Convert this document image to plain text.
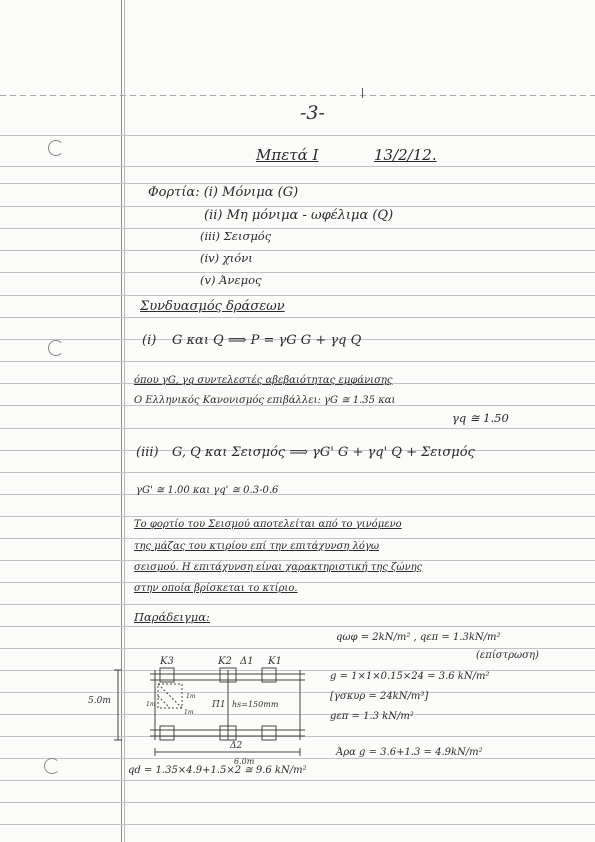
-3-
Μπετά Ι	13/2/12.
Φορτία: (i) Μόνιμα (G)
(ii) Μη μόνιμα - ωφέλιμα (Q)
(iii) Σεισμός
(iv) χιόνι
(v) Άνεμος
Συνδυασμός δράσεων
(i) G και Q ⟹ P = γG G + γq Q
όπου γG, γq συντελεστές αβεβαιότητας εμφάνισης
Ο Ελληνικός Κανονισμός επιβάλλει: γG ≅ 1.35 και
γq ≅ 1.50
(iii) G, Q και Σεισμός ⟹ γG' G + γq' Q + Σεισμός
γG' ≅ 1.00 και γq' ≅ 0.3-0.6
Το φορτίο του Σεισμού αποτελείται από το γινόμενο
της μάζας του κτιρίου επί την επιτάχυνση λόγω
σεισμού. Η επιτάχυνση είναι χαρακτηριστική της ζώνης
στην οποία βρίσκεται το κτίριο.
Παράδειγμα:
qωφ = 2kN/m² , qεπ = 1.3kN/m²
(επίστρωση)
g = 1×1×0.15×24 = 3.6 kN/m²
[γσκυρ = 24kN/m³]
gεπ = 1.3 kN/m²
Άρα g = 3.6+1.3 = 4.9kN/m²
qd = 1.35×4.9+1.5×2 ≅ 9.6 kN/m²
K3	K2 Δ1 K1
Δ2
1m
1m
1m
Π1 hs=150mm
6.0m
5.0m
